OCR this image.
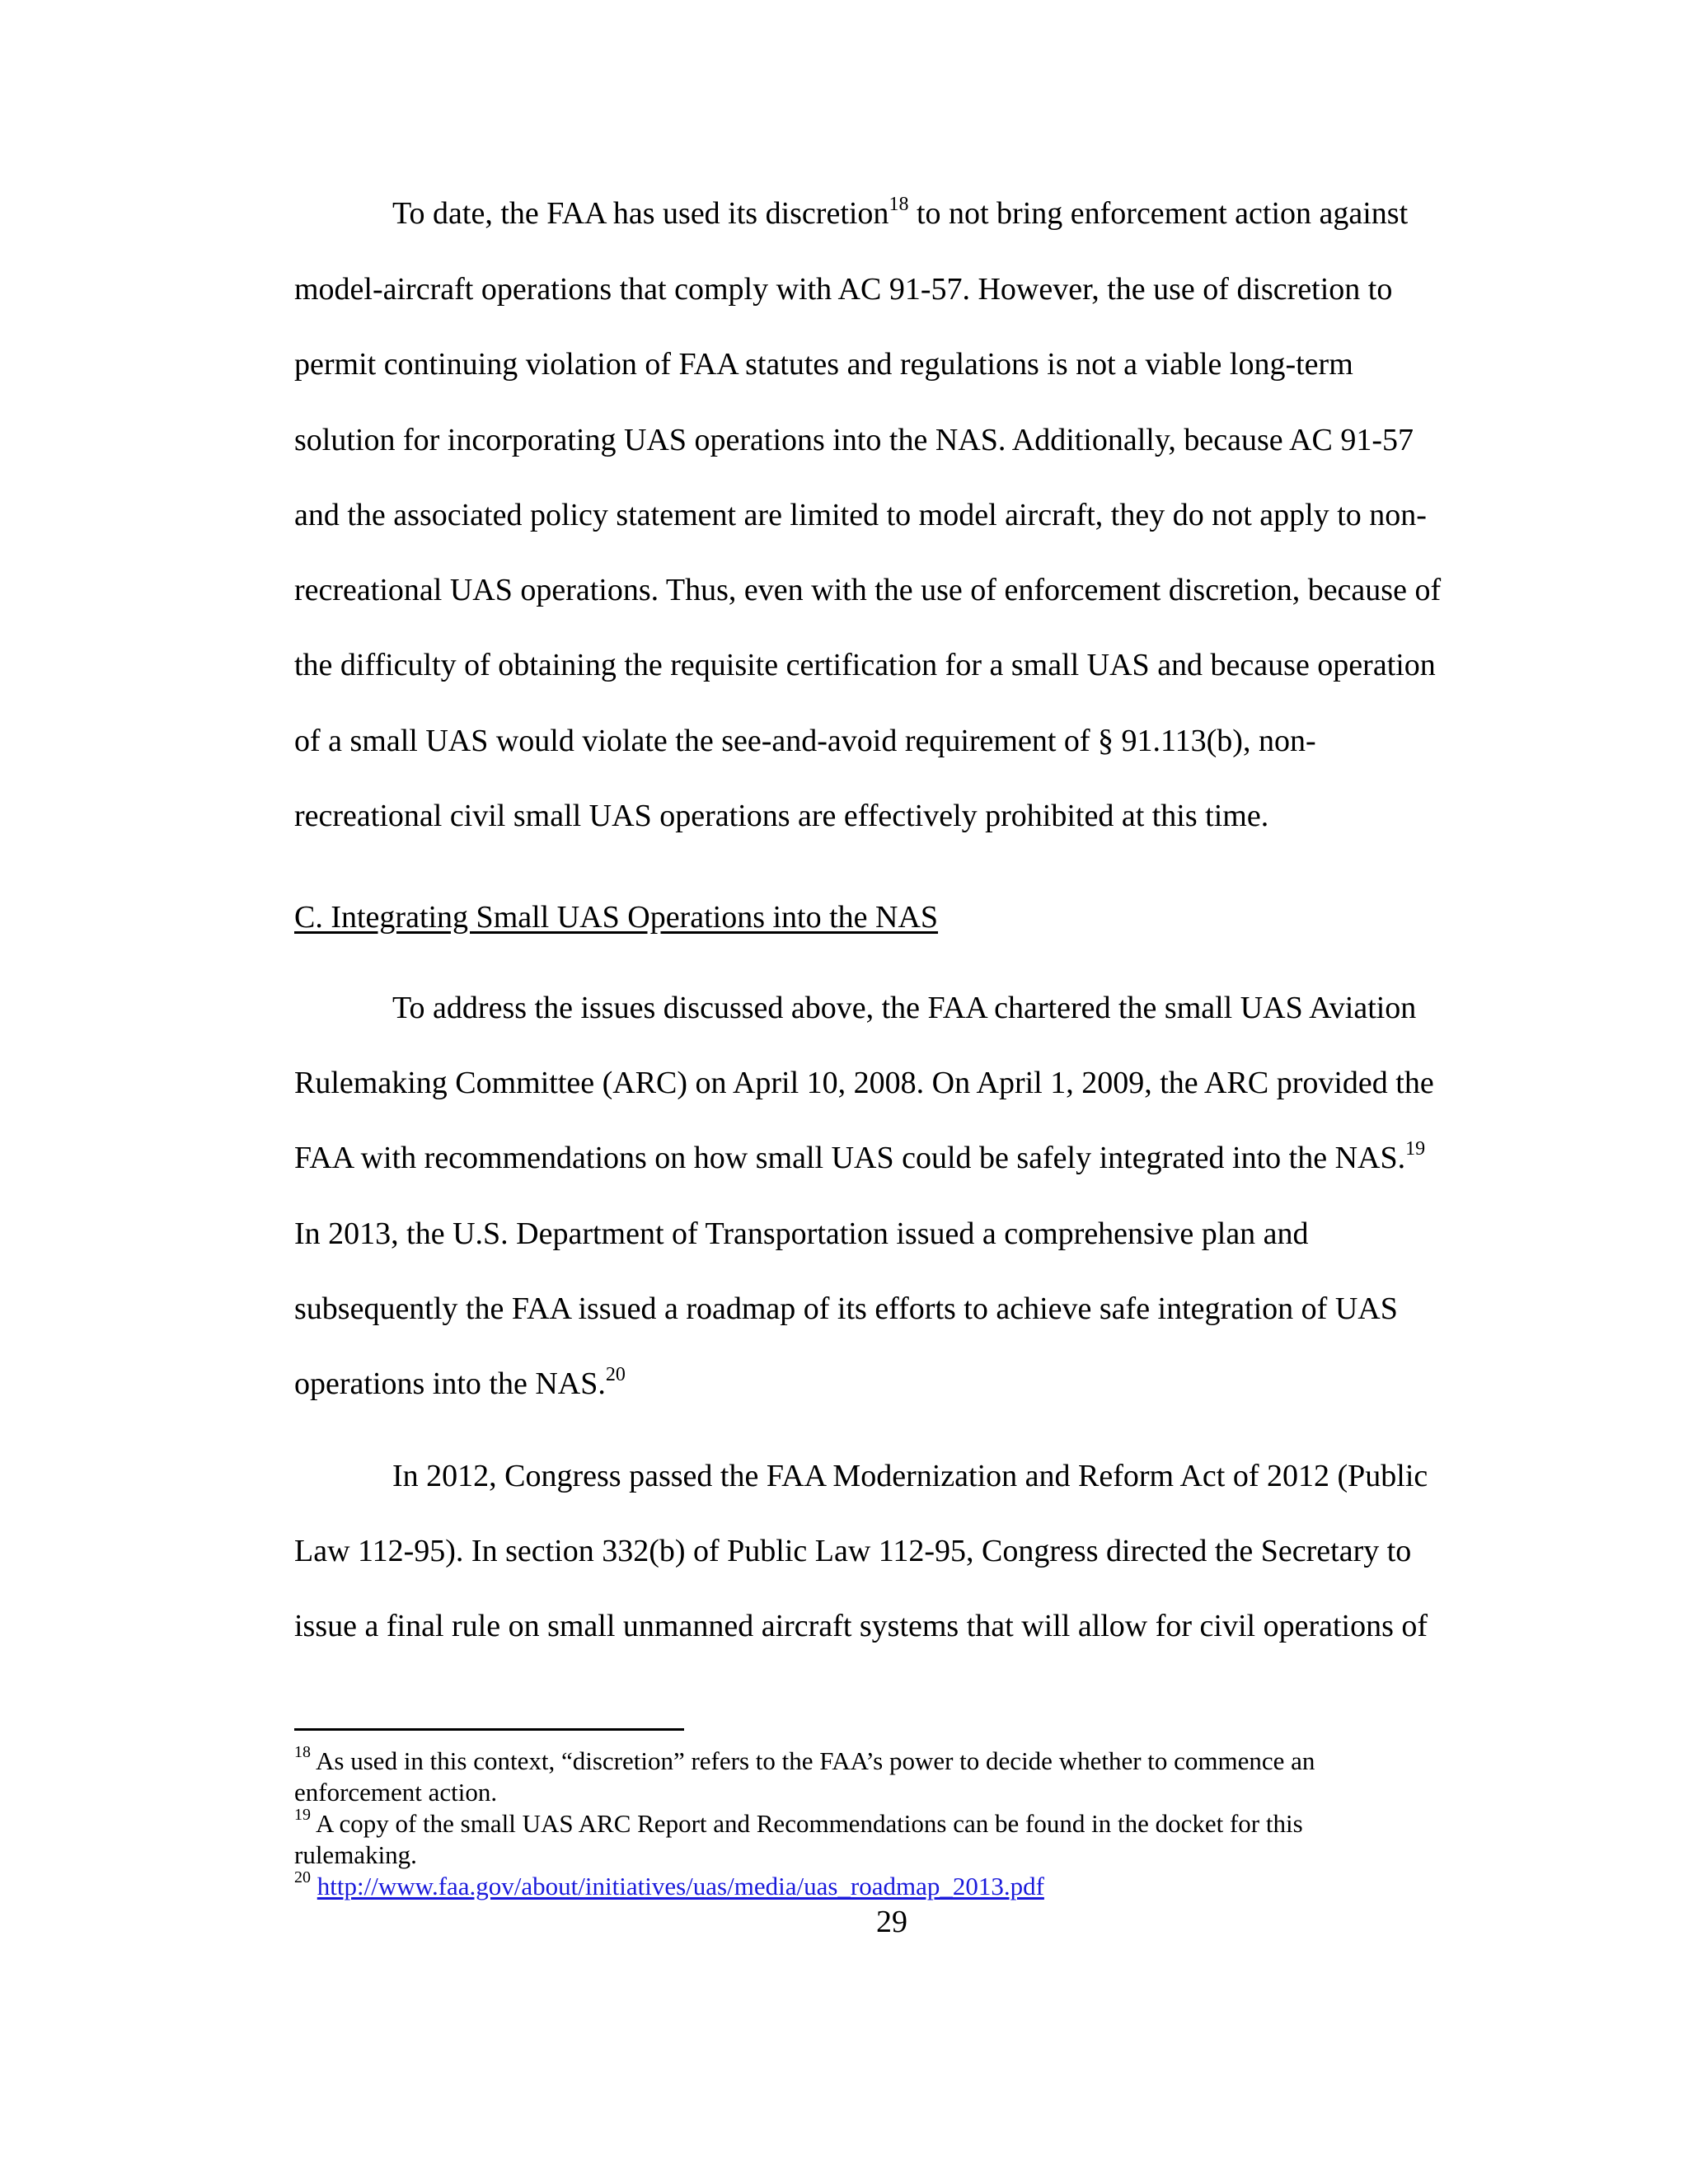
To date, the FAA has used its discretion$^{18}$ to not bring enforcement action against

model-aircraft operations that comply with AC 91-57. However, the use of discretion to

permit continuing violation of FAA statutes and regulations is not a viable long-term

solution for incorporating UAS operations into the NAS. Additionally, because AC 91-57

and the associated policy statement are limited to model aircraft, they do not apply to non-

recreational UAS operations. Thus, even with the use of enforcement discretion, because of

the difficulty of obtaining the requisite certification for a small UAS and because operation

of a small UAS would violate the see-and-avoid requirement of § 91.113(b), non-

recreational civil small UAS operations are effectively prohibited at this time.

C. Integrating Small UAS Operations into the NAS

To address the issues discussed above, the FAA chartered the small UAS Aviation

Rulemaking Committee (ARC) on April 10, 2008. On April 1, 2009, the ARC provided the

FAA with recommendations on how small UAS could be safely integrated into the NAS.$^{19}$

In 2013, the U.S. Department of Transportation issued a comprehensive plan and

subsequently the FAA issued a roadmap of its efforts to achieve safe integration of UAS

operations into the NAS.$^{20}$

In 2012, Congress passed the FAA Modernization and Reform Act of 2012 (Public

Law 112-95). In section 332(b) of Public Law 112-95, Congress directed the Secretary to

issue a final rule on small unmanned aircraft systems that will allow for civil operations of

$^{18}$ As used in this context, “discretion” refers to the FAA’s power to decide whether to commence an
enforcement action.
$^{19}$ A copy of the small UAS ARC Report and Recommendations can be found in the docket for this
rulemaking.
$^{20}$ http://www.faa.gov/about/initiatives/uas/media/uas_roadmap_2013.pdf
29
